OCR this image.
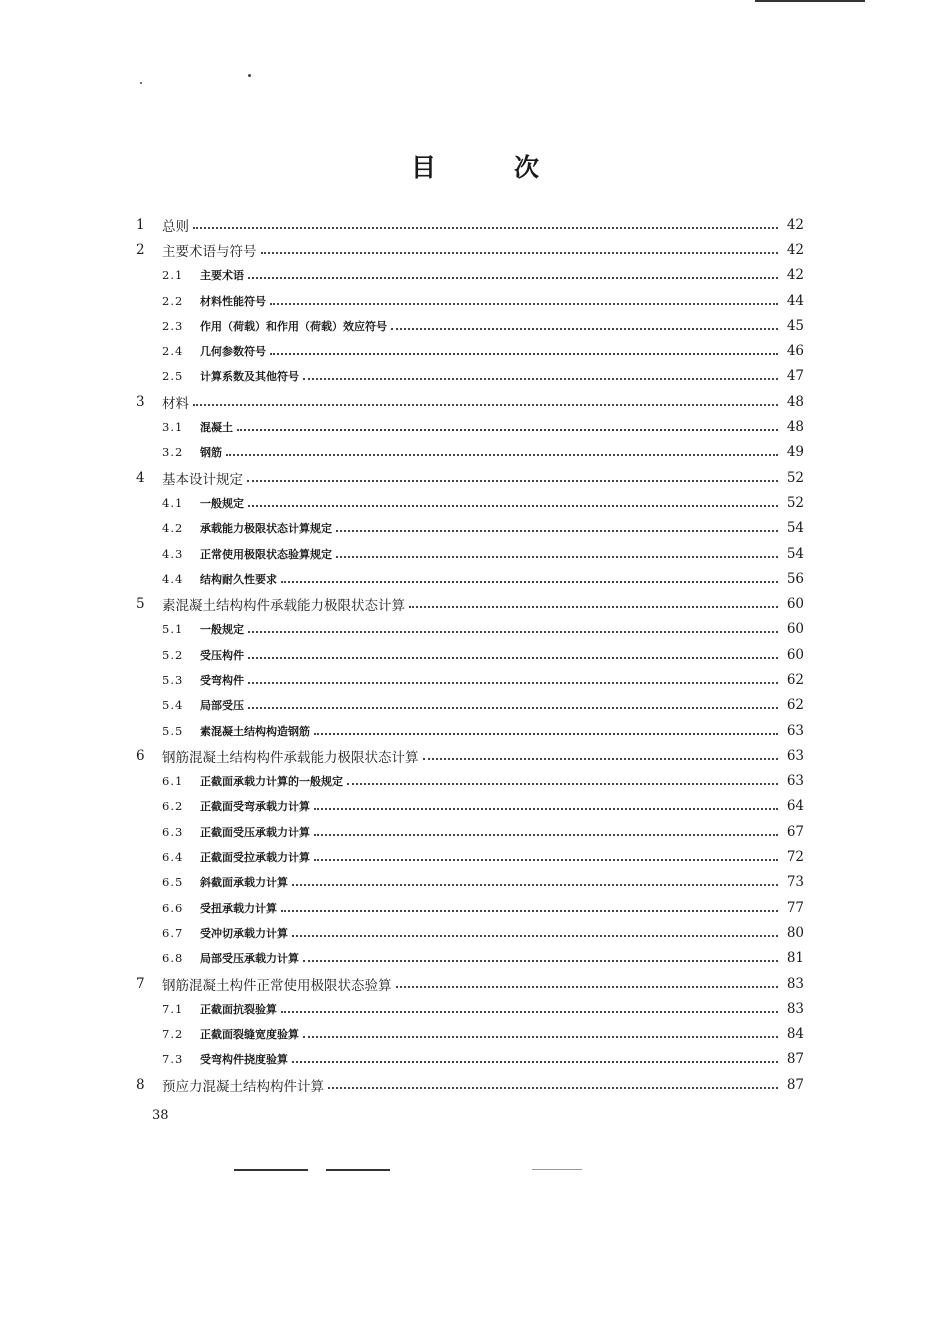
目	次
1	总则	42
2	主要术语与符号	42
2.1	主要术语	42
2.2	材料性能符号	44
2.3	作用（荷载）和作用（荷载）效应符号	45
2.4	几何参数符号	46
2.5	计算系数及其他符号	47
3	材料	48
3.1	混凝土	48
3.2	钢筋	49
4	基本设计规定	52
4.1	一般规定	52
4.2	承载能力极限状态计算规定	54
4.3	正常使用极限状态验算规定	54
4.4	结构耐久性要求	56
5	素混凝土结构构件承载能力极限状态计算	60
5.1	一般规定	60
5.2	受压构件	60
5.3	受弯构件	62
5.4	局部受压	62
5.5	素混凝土结构构造钢筋	63
6	钢筋混凝土结构构件承载能力极限状态计算	63
6.1	正截面承载力计算的一般规定	63
6.2	正截面受弯承载力计算	64
6.3	正截面受压承载力计算	67
6.4	正截面受拉承载力计算	72
6.5	斜截面承载力计算	73
6.6	受扭承载力计算	77
6.7	受冲切承载力计算	80
6.8	局部受压承载力计算	81
7	钢筋混凝土构件正常使用极限状态验算	83
7.1	正截面抗裂验算	83
7.2	正截面裂缝宽度验算	84
7.3	受弯构件挠度验算	87
8	预应力混凝土结构构件计算	87
38
